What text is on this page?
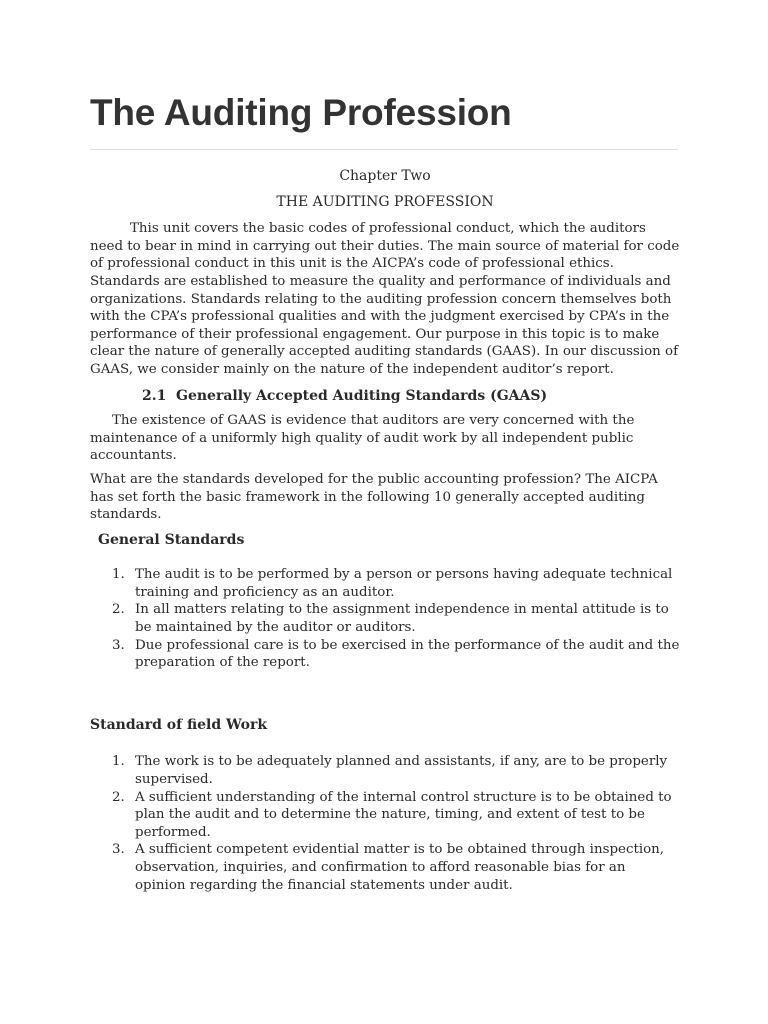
The Auditing Profession

Chapter Two

THE AUDITING PROFESSION

This unit covers the basic codes of professional conduct, which the auditors need to bear in mind in carrying out their duties. The main source of material for code of professional conduct in this unit is the AICPA’s code of professional ethics. Standards are established to measure the quality and performance of individuals and organizations. Standards relating to the auditing profession concern themselves both with the CPA’s professional qualities and with the judgment exercised by CPA’s in the performance of their professional engagement. Our purpose in this topic is to make clear the nature of generally accepted auditing standards (GAAS). In our discussion of GAAS, we consider mainly on the nature of the independent auditor’s report.

2.1 Generally Accepted Auditing Standards (GAAS)

The existence of GAAS is evidence that auditors are very concerned with the maintenance of a uniformly high quality of audit work by all independent public accountants.

What are the standards developed for the public accounting profession? The AICPA has set forth the basic framework in the following 10 generally accepted auditing standards.

General Standards

1. The audit is to be performed by a person or persons having adequate technical training and proficiency as an auditor.
2. In all matters relating to the assignment independence in mental attitude is to be maintained by the auditor or auditors.
3. Due professional care is to be exercised in the performance of the audit and the preparation of the report.

Standard of field Work

1. The work is to be adequately planned and assistants, if any, are to be properly supervised.
2. A sufficient understanding of the internal control structure is to be obtained to plan the audit and to determine the nature, timing, and extent of test to be performed.
3. A sufficient competent evidential matter is to be obtained through inspection, observation, inquiries, and confirmation to afford reasonable bias for an opinion regarding the financial statements under audit.
